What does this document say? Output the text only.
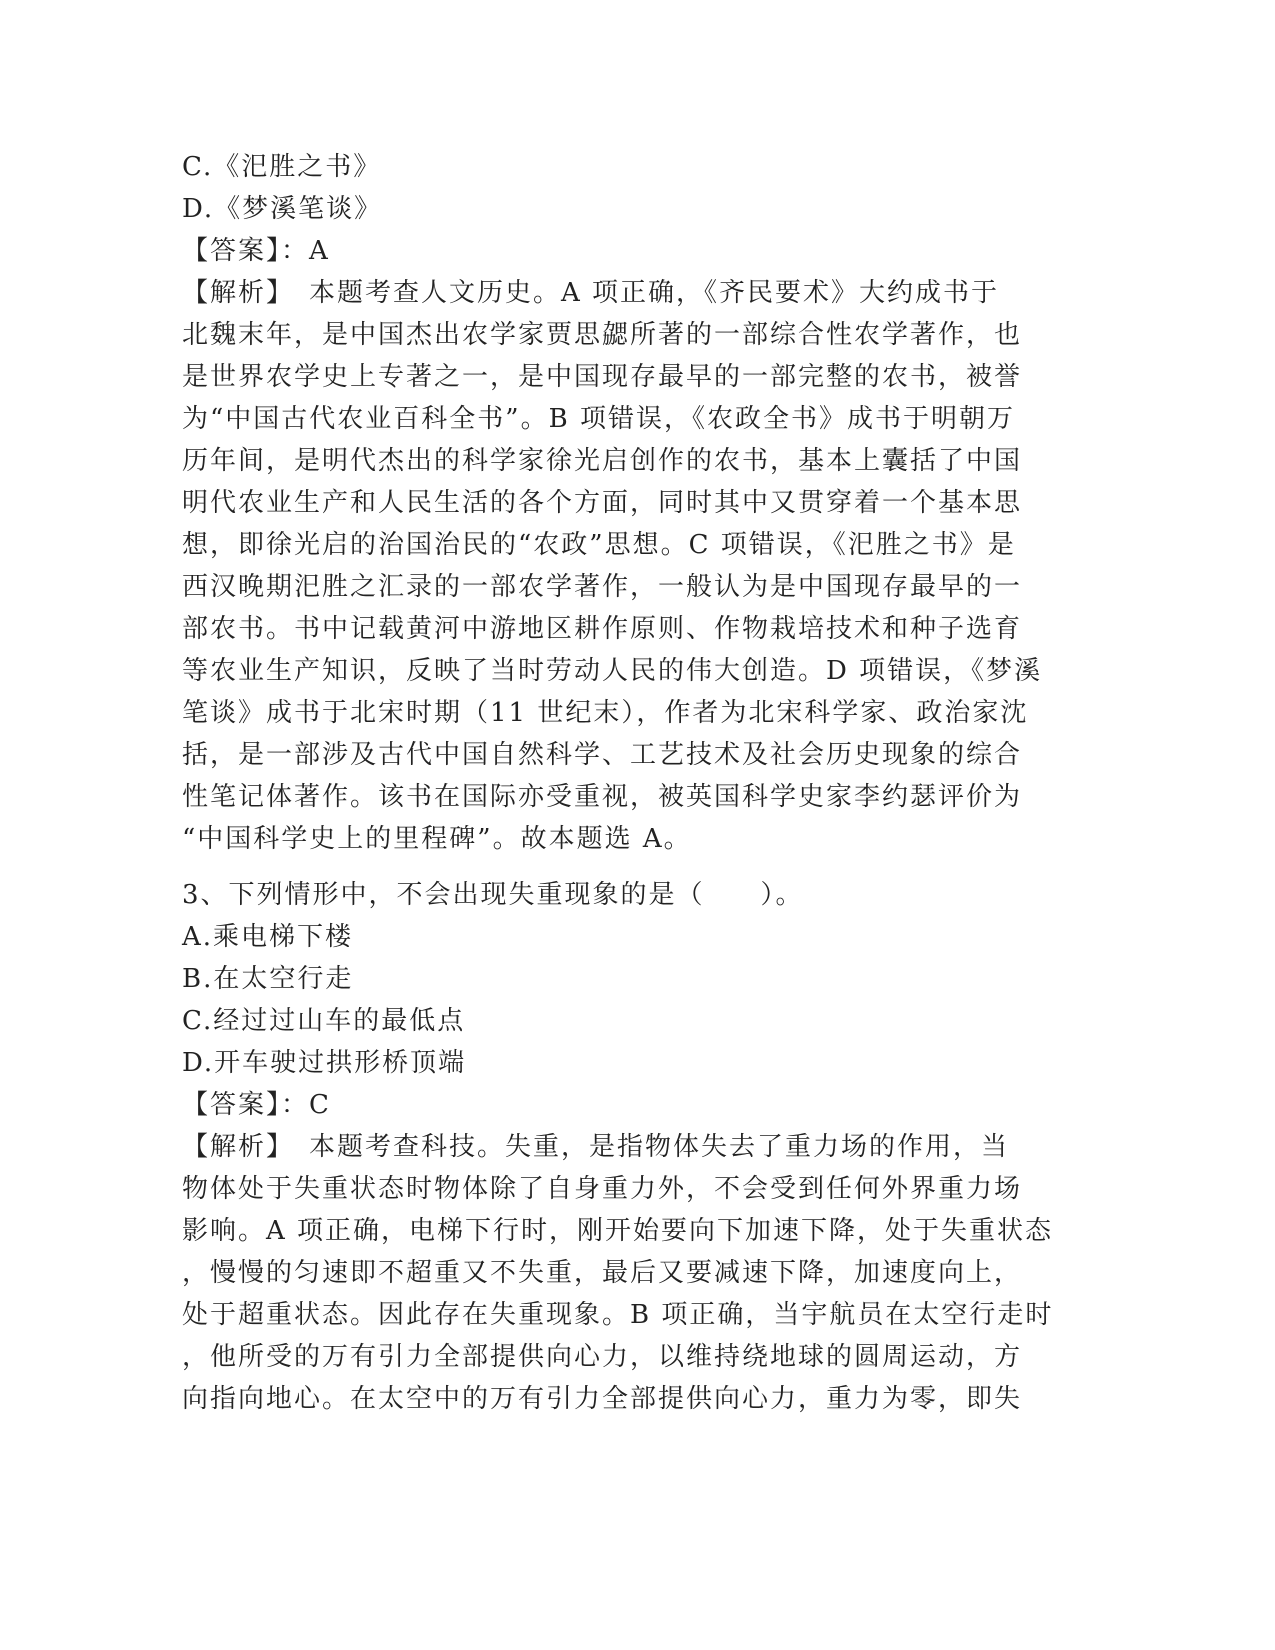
C.《汜胜之书》
D.《梦溪笔谈》
【答案】：A
【解析】　本题考查人文历史。A 项正确，《齐民要术》大约成书于
北魏末年，是中国杰出农学家贾思勰所著的一部综合性农学著作，也
是世界农学史上专著之一，是中国现存最早的一部完整的农书，被誉
为“中国古代农业百科全书”。B 项错误，《农政全书》成书于明朝万
历年间，是明代杰出的科学家徐光启创作的农书，基本上囊括了中国
明代农业生产和人民生活的各个方面，同时其中又贯穿着一个基本思
想，即徐光启的治国治民的“农政”思想。C 项错误，《汜胜之书》是
西汉晚期汜胜之汇录的一部农学著作，一般认为是中国现存最早的一
部农书。书中记载黄河中游地区耕作原则、作物栽培技术和种子选育
等农业生产知识，反映了当时劳动人民的伟大创造。D 项错误，《梦溪
笔谈》成书于北宋时期（11 世纪末），作者为北宋科学家、政治家沈
括，是一部涉及古代中国自然科学、工艺技术及社会历史现象的综合
性笔记体著作。该书在国际亦受重视，被英国科学史家李约瑟评价为
“中国科学史上的里程碑”。故本题选 A。
3、下列情形中，不会出现失重现象的是（　　）。
A.乘电梯下楼
B.在太空行走
C.经过过山车的最低点
D.开车驶过拱形桥顶端
【答案】：C
【解析】　本题考查科技。失重，是指物体失去了重力场的作用，当
物体处于失重状态时物体除了自身重力外，不会受到任何外界重力场
影响。A 项正确，电梯下行时，刚开始要向下加速下降，处于失重状态
，慢慢的匀速即不超重又不失重，最后又要减速下降，加速度向上，
处于超重状态。因此存在失重现象。B 项正确，当宇航员在太空行走时
，他所受的万有引力全部提供向心力，以维持绕地球的圆周运动，方
向指向地心。在太空中的万有引力全部提供向心力，重力为零，即失
